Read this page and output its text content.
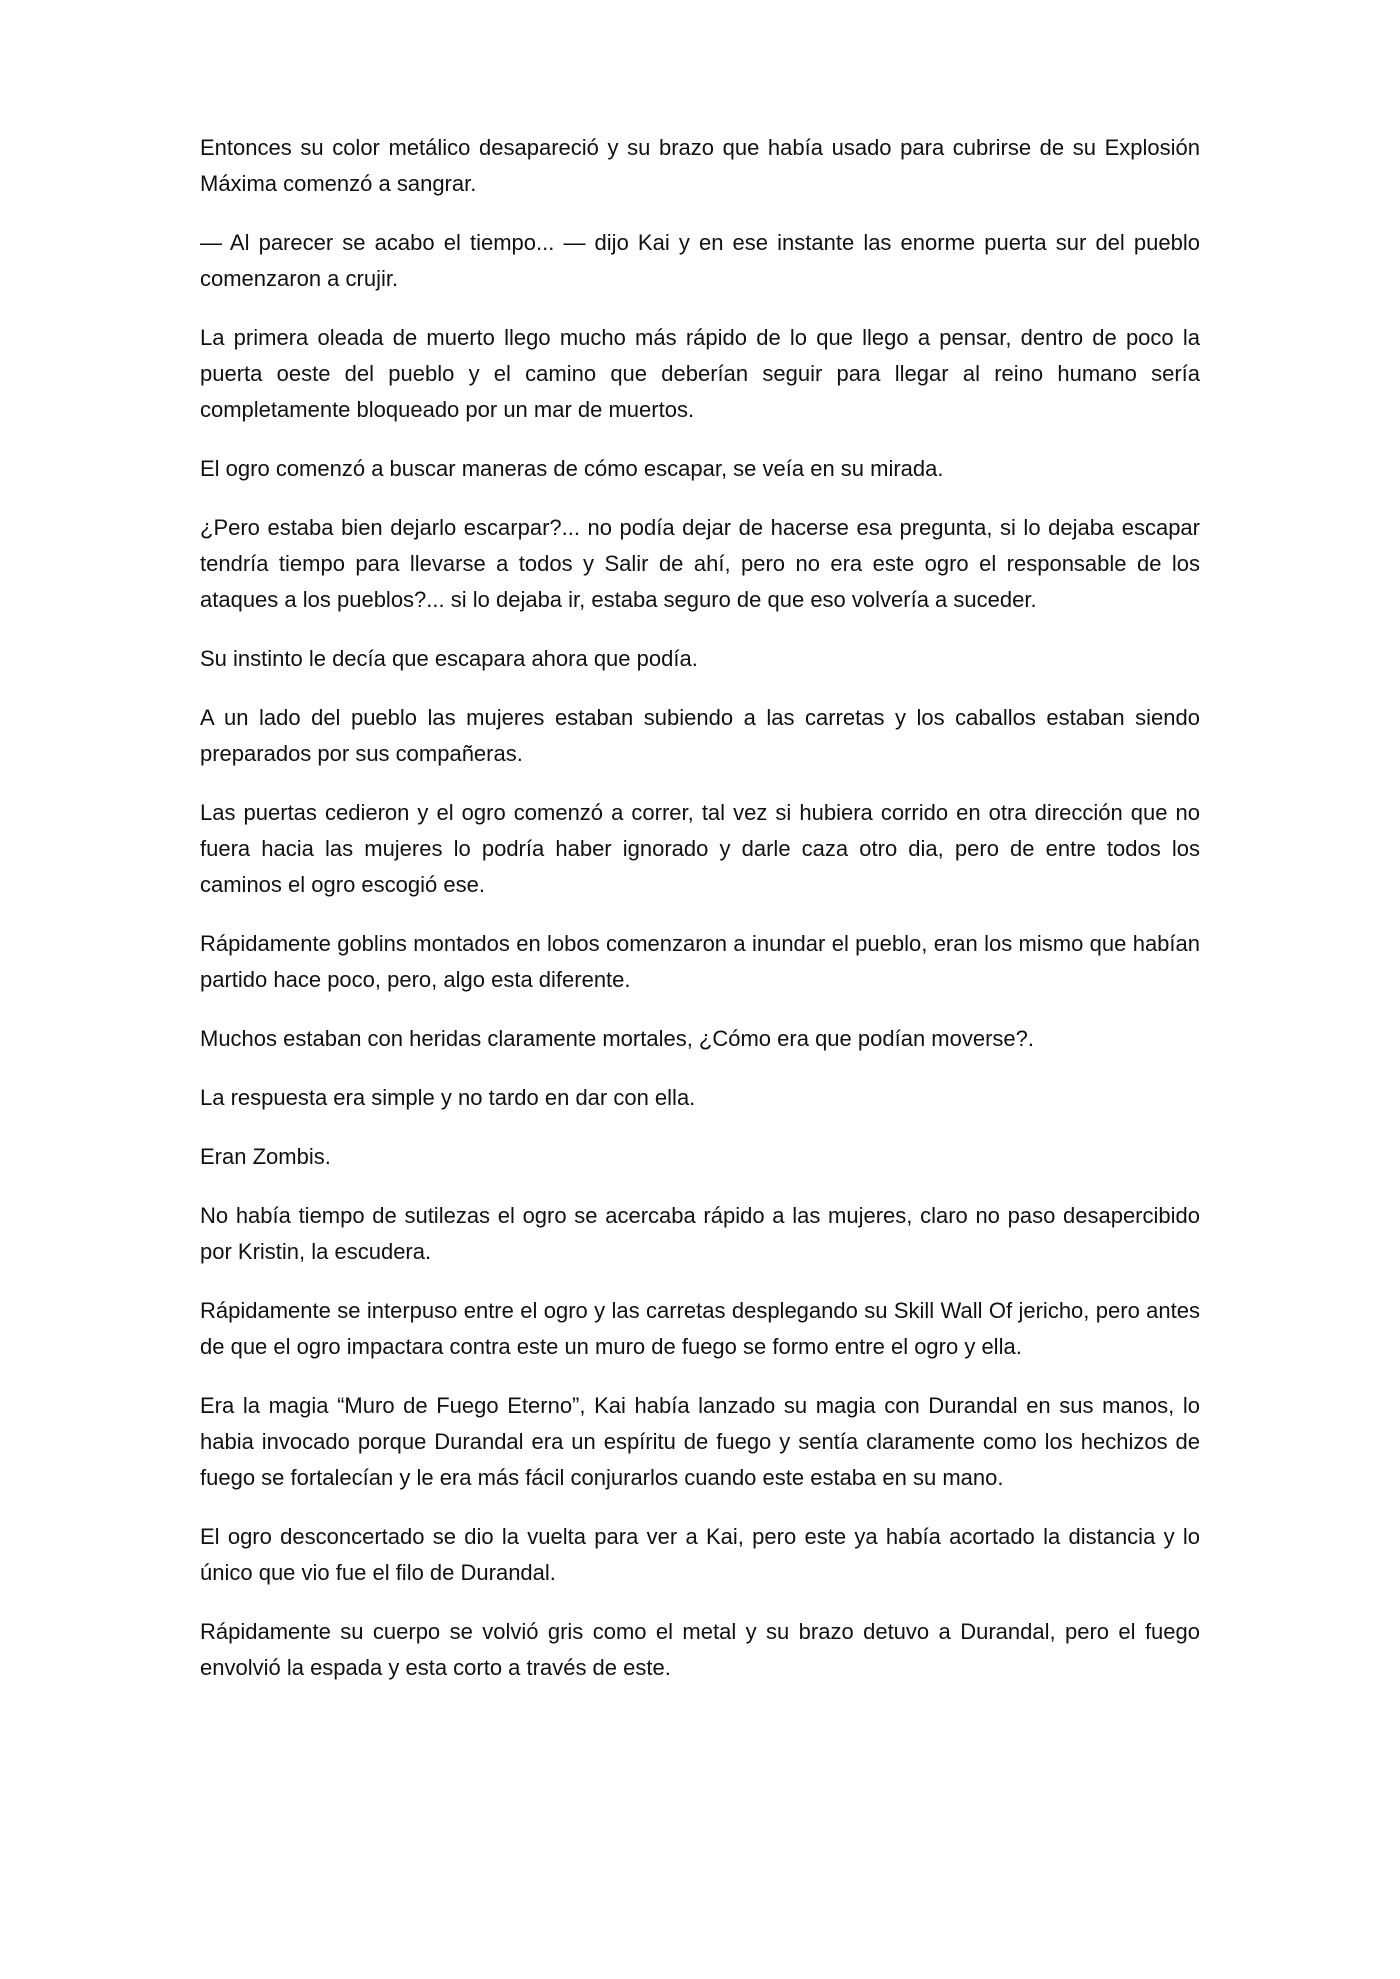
Entonces su color metálico desapareció y su brazo que había usado para cubrirse de su Explosión Máxima comenzó a sangrar.

— Al parecer se acabo el tiempo... — dijo Kai y en ese instante las enorme puerta sur del pueblo comenzaron a crujir.

La primera oleada de muerto llego mucho más rápido de lo que llego a pensar, dentro de poco la puerta oeste del pueblo y el camino que deberían seguir para llegar al reino humano sería completamente bloqueado por un mar de muertos.

El ogro comenzó a buscar maneras de cómo escapar, se veía en su mirada.

¿Pero estaba bien dejarlo escarpar?... no podía dejar de hacerse esa pregunta, si lo dejaba escapar tendría tiempo para llevarse a todos y Salir de ahí, pero no era este ogro el responsable de los ataques a los pueblos?... si lo dejaba ir, estaba seguro de que eso volvería a suceder.

Su instinto le decía que escapara ahora que podía.

A un lado del pueblo las mujeres estaban subiendo a las carretas y los caballos estaban siendo preparados por sus compañeras.

Las puertas cedieron y el ogro comenzó a correr, tal vez si hubiera corrido en otra dirección que no fuera hacia las mujeres lo podría haber ignorado y darle caza otro dia, pero de entre todos los caminos el ogro escogió ese.

Rápidamente goblins montados en lobos comenzaron a inundar el pueblo, eran los mismo que habían partido hace poco, pero, algo esta diferente.

Muchos estaban con heridas claramente mortales, ¿Cómo era que podían moverse?.

La respuesta era simple y no tardo en dar con ella.

Eran Zombis.

No había tiempo de sutilezas el ogro se acercaba rápido a las mujeres, claro no paso desapercibido por Kristin, la escudera.

Rápidamente se interpuso entre el ogro y las carretas desplegando su Skill Wall Of jericho, pero antes de que el ogro impactara contra este un muro de fuego se formo entre el ogro y ella.

Era la magia “Muro de Fuego Eterno”, Kai había lanzado su magia con Durandal en sus manos, lo habia invocado porque Durandal era un espíritu de fuego y sentía claramente como los hechizos de fuego se fortalecían y le era más fácil conjurarlos cuando este estaba en su mano.

El ogro desconcertado se dio la vuelta para ver a Kai, pero este ya había acortado la distancia y lo único que vio fue el filo de Durandal.

Rápidamente su cuerpo se volvió gris como el metal y su brazo detuvo a Durandal, pero el fuego envolvió la espada y esta corto a través de este.
